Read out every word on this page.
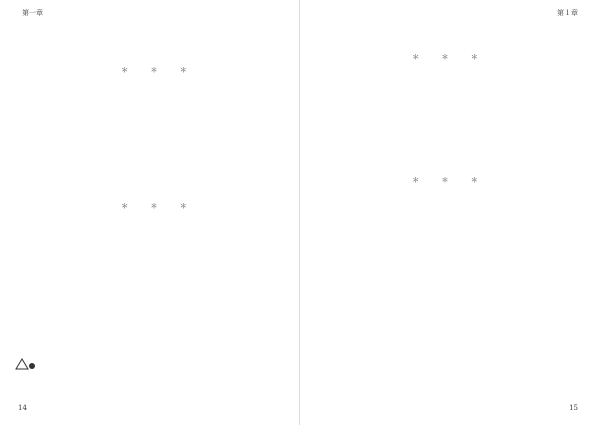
第一章

＊ ＊ ＊

＊ ＊ ＊
14
第１章

＊ ＊ ＊

＊ ＊ ＊
15
